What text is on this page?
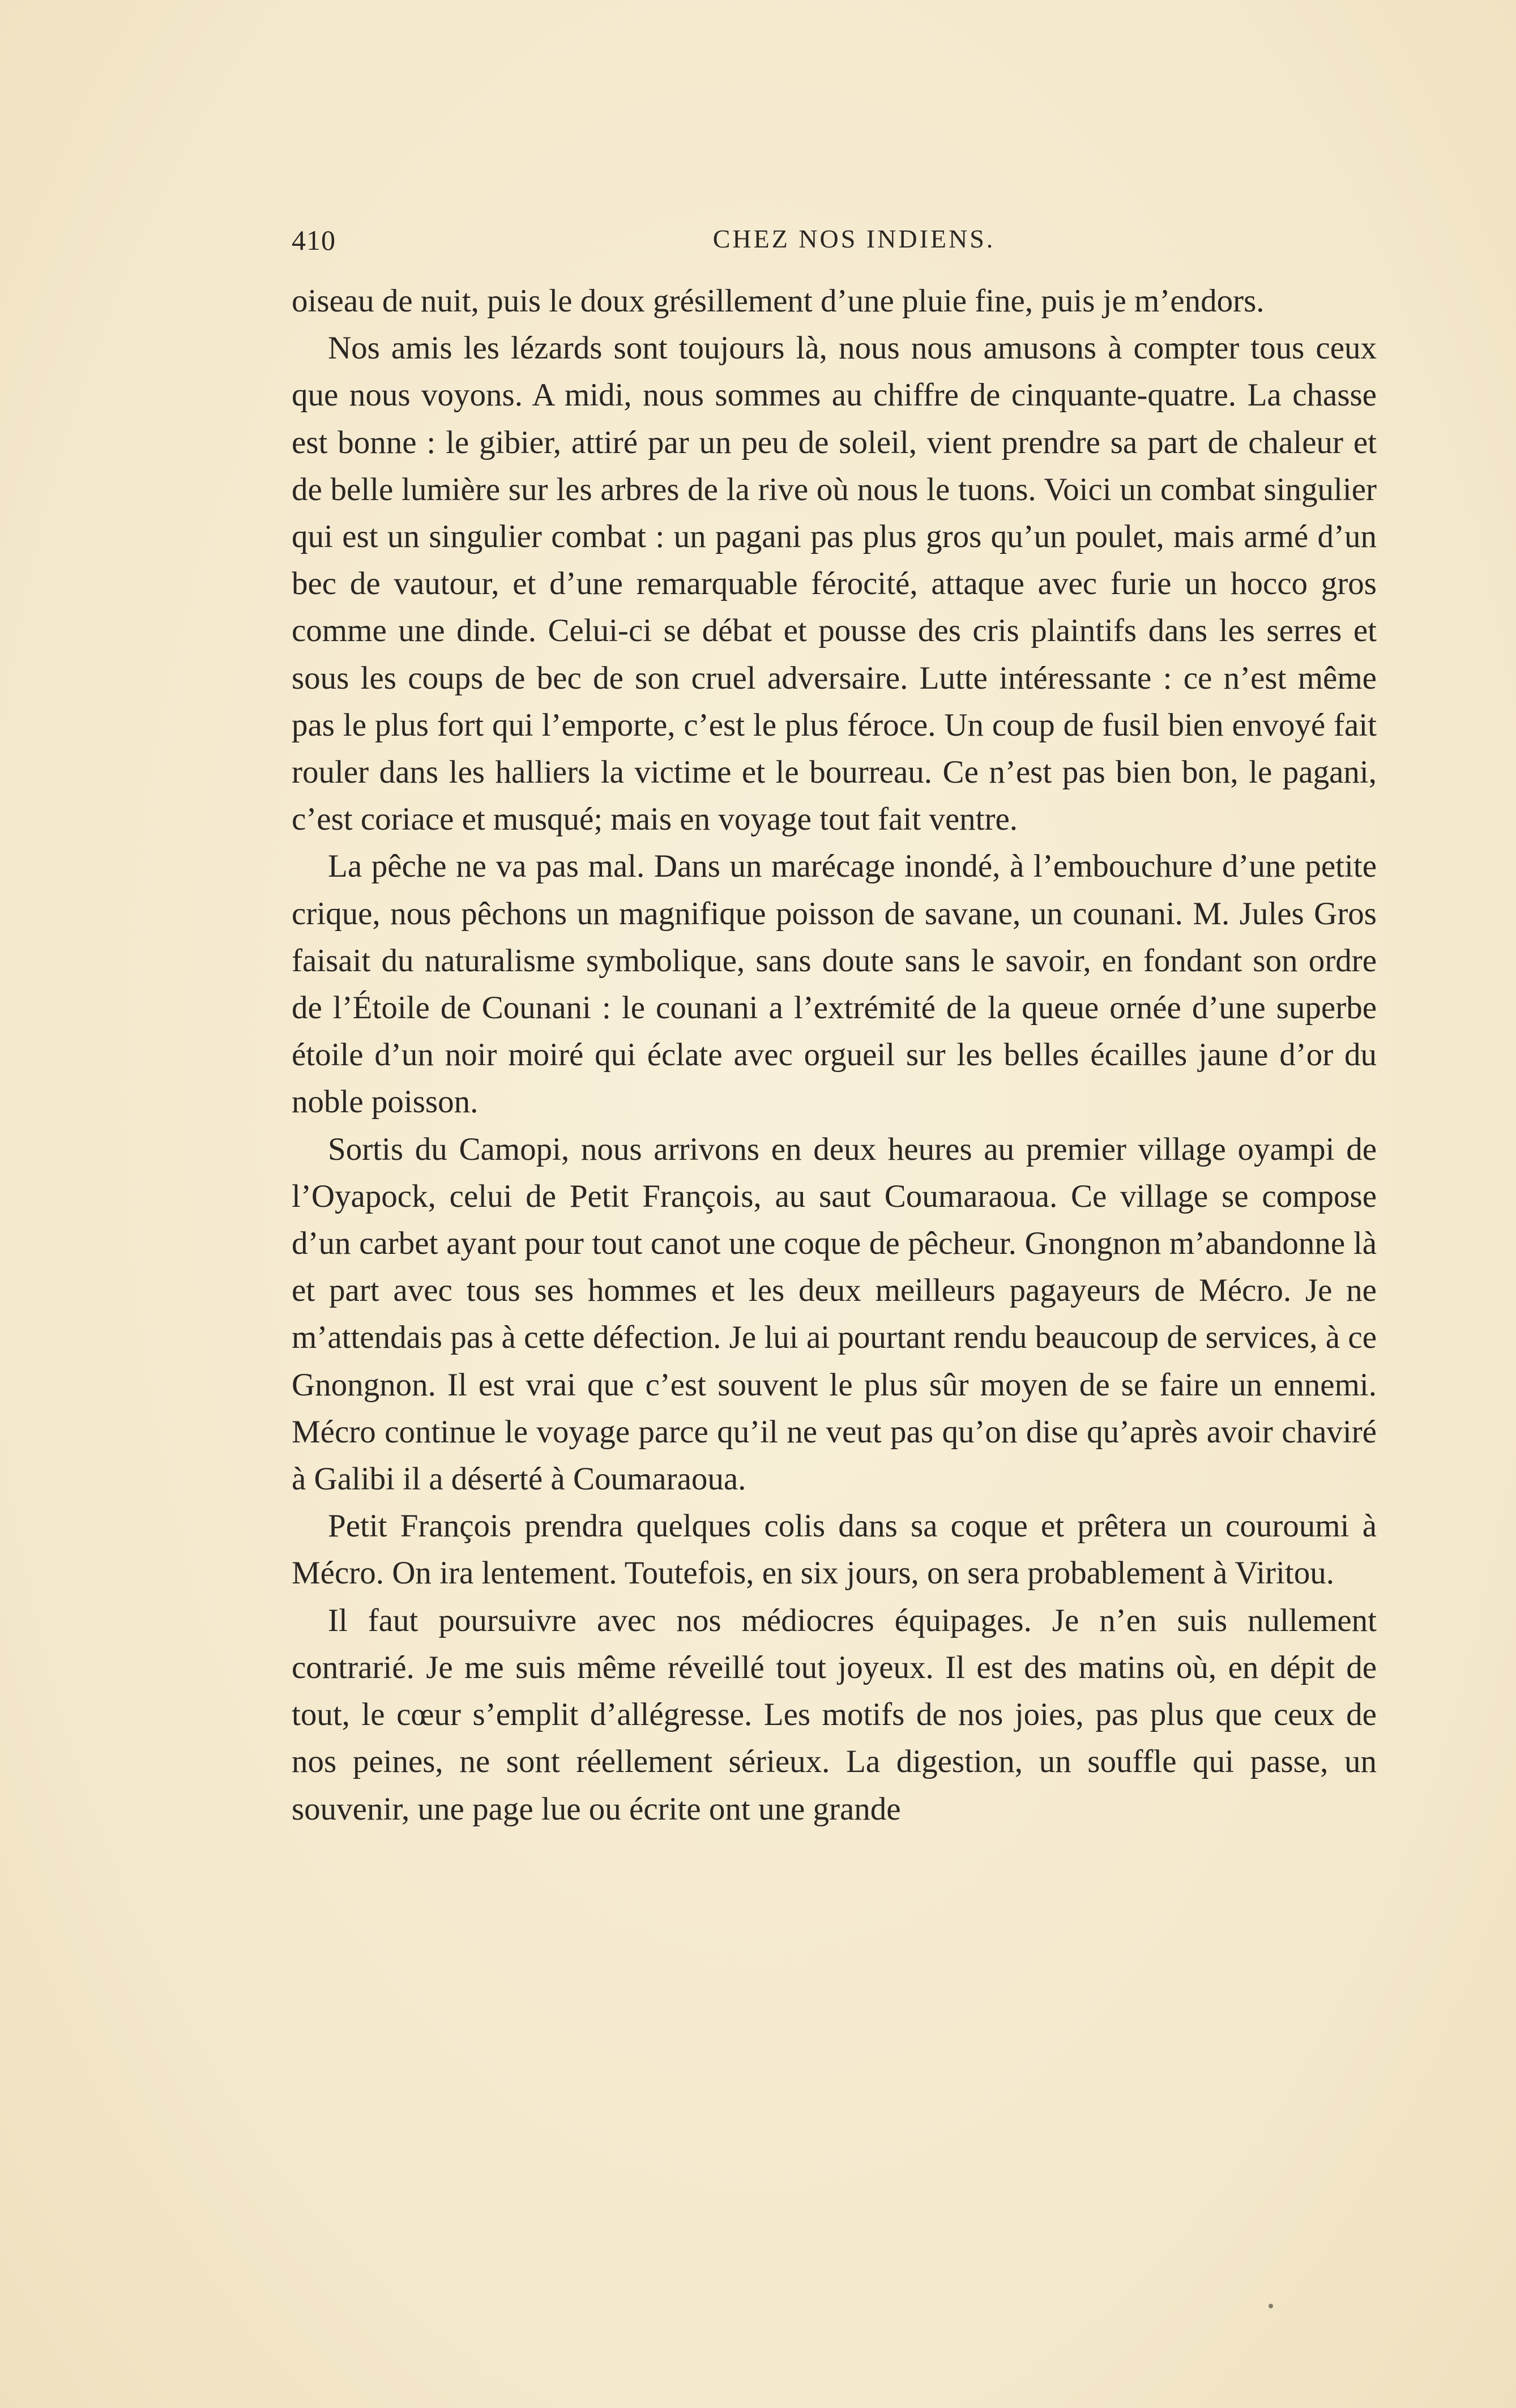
410	CHEZ NOS INDIENS.

oiseau de nuit, puis le doux grésillement d’une pluie fine, puis je m’endors.

Nos amis les lézards sont toujours là, nous nous amusons à compter tous ceux que nous voyons. A midi, nous sommes au chiffre de cinquante-quatre. La chasse est bonne : le gibier, attiré par un peu de soleil, vient prendre sa part de chaleur et de belle lumière sur les arbres de la rive où nous le tuons. Voici un combat singulier qui est un singulier combat : un pagani pas plus gros qu’un poulet, mais armé d’un bec de vautour, et d’une remarquable férocité, attaque avec furie un hocco gros comme une dinde. Celui-ci se débat et pousse des cris plaintifs dans les serres et sous les coups de bec de son cruel adversaire. Lutte intéressante : ce n’est même pas le plus fort qui l’emporte, c’est le plus féroce. Un coup de fusil bien envoyé fait rouler dans les halliers la victime et le bourreau. Ce n’est pas bien bon, le pagani, c’est coriace et musqué; mais en voyage tout fait ventre.

La pêche ne va pas mal. Dans un marécage inondé, à l’embouchure d’une petite crique, nous pêchons un magnifique poisson de savane, un counani. M. Jules Gros faisait du naturalisme symbolique, sans doute sans le savoir, en fondant son ordre de l’Étoile de Counani : le counani a l’extrémité de la queue ornée d’une superbe étoile d’un noir moiré qui éclate avec orgueil sur les belles écailles jaune d’or du noble poisson.

Sortis du Camopi, nous arrivons en deux heures au premier village oyampi de l’Oyapock, celui de Petit François, au saut Coumaraoua. Ce village se compose d’un carbet ayant pour tout canot une coque de pêcheur. Gnongnon m’abandonne là et part avec tous ses hommes et les deux meilleurs pagayeurs de Mécro. Je ne m’attendais pas à cette défection. Je lui ai pourtant rendu beaucoup de services, à ce Gnongnon. Il est vrai que c’est souvent le plus sûr moyen de se faire un ennemi. Mécro continue le voyage parce qu’il ne veut pas qu’on dise qu’après avoir chaviré à Galibi il a déserté à Coumaraoua.

Petit François prendra quelques colis dans sa coque et prêtera un couroumi à Mécro. On ira lentement. Toutefois, en six jours, on sera probablement à Viritou.

Il faut poursuivre avec nos médiocres équipages. Je n’en suis nullement contrarié. Je me suis même réveillé tout joyeux. Il est des matins où, en dépit de tout, le cœur s’emplit d’allégresse. Les motifs de nos joies, pas plus que ceux de nos peines, ne sont réellement sérieux. La digestion, un souffle qui passe, un souvenir, une page lue ou écrite ont une grande
